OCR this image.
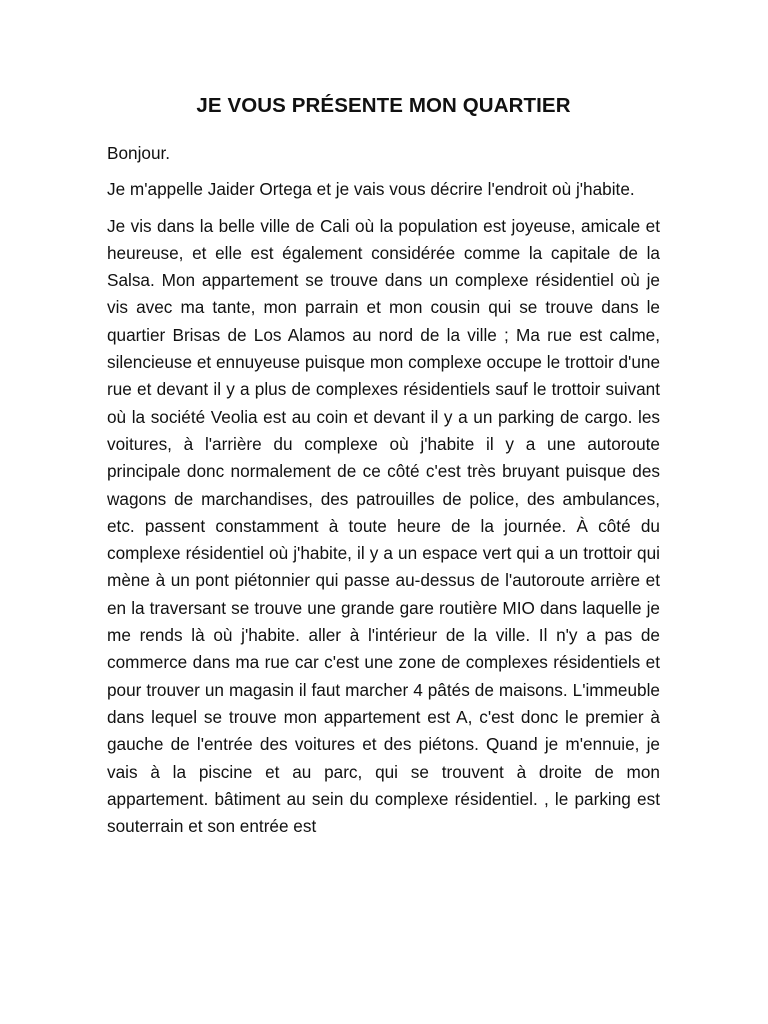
JE VOUS PRÉSENTE MON QUARTIER

Bonjour.

Je m'appelle Jaider Ortega et je vais vous décrire l'endroit où j'habite.

Je vis dans la belle ville de Cali où la population est joyeuse, amicale et heureuse, et elle est également considérée comme la capitale de la Salsa. Mon appartement se trouve dans un complexe résidentiel où je vis avec ma tante, mon parrain et mon cousin qui se trouve dans le quartier Brisas de Los Alamos au nord de la ville ; Ma rue est calme, silencieuse et ennuyeuse puisque mon complexe occupe le trottoir d'une rue et devant il y a plus de complexes résidentiels sauf le trottoir suivant où la société Veolia est au coin et devant il y a un parking de cargo. les voitures, à l'arrière du complexe où j'habite il y a une autoroute principale donc normalement de ce côté c'est très bruyant puisque des wagons de marchandises, des patrouilles de police, des ambulances, etc. passent constamment à toute heure de la journée. À côté du complexe résidentiel où j'habite, il y a un espace vert qui a un trottoir qui mène à un pont piétonnier qui passe au-dessus de l'autoroute arrière et en la traversant se trouve une grande gare routière MIO dans laquelle je me rends là où j'habite. aller à l'intérieur de la ville. Il n'y a pas de commerce dans ma rue car c'est une zone de complexes résidentiels et pour trouver un magasin il faut marcher 4 pâtés de maisons. L'immeuble dans lequel se trouve mon appartement est A, c'est donc le premier à gauche de l'entrée des voitures et des piétons. Quand je m'ennuie, je vais à la piscine et au parc, qui se trouvent à droite de mon appartement. bâtiment au sein du complexe résidentiel. , le parking est souterrain et son entrée est
